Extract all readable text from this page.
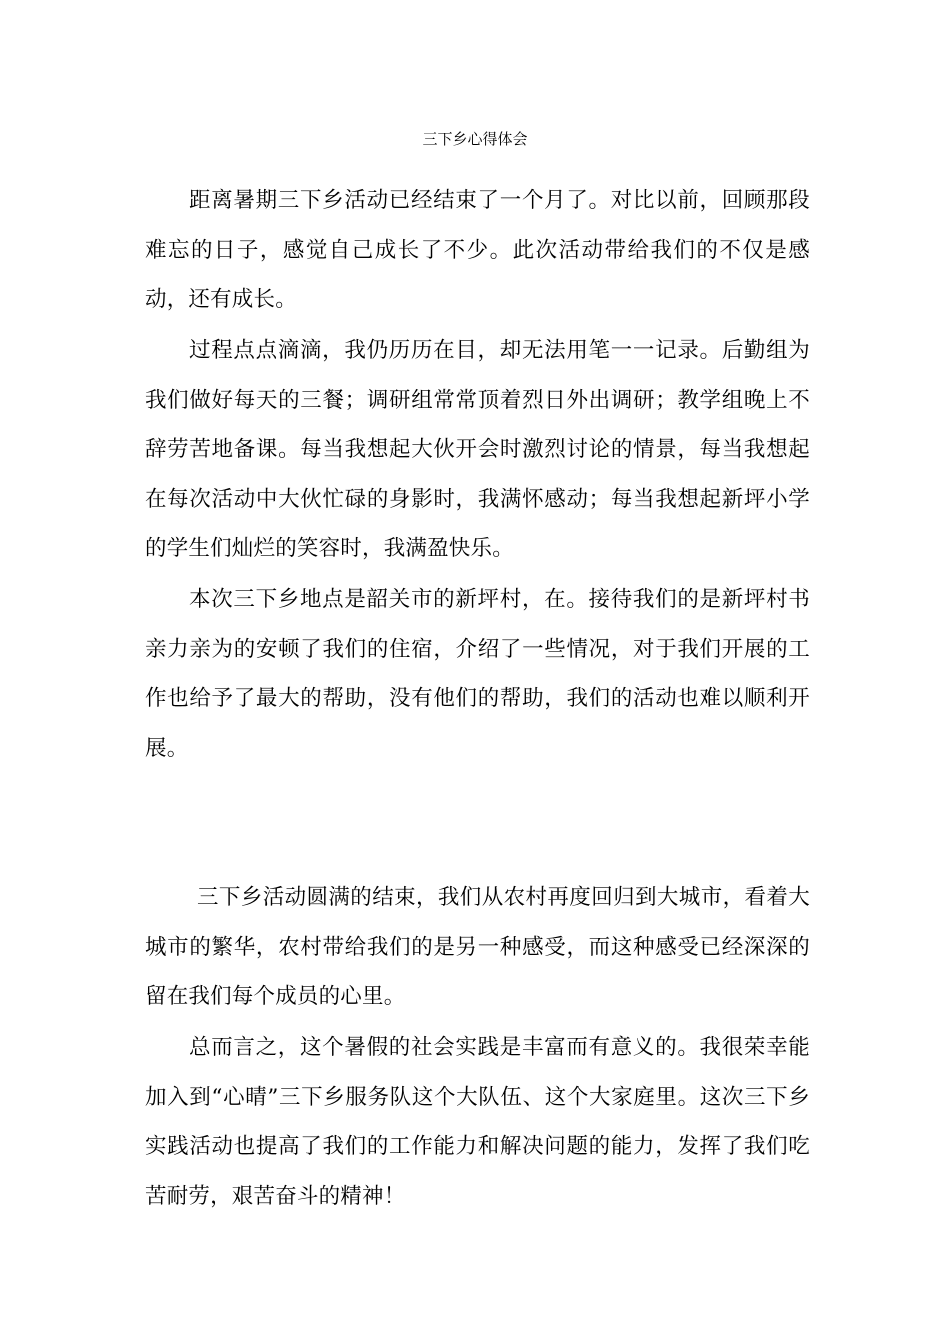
三下乡心得体会

距离暑期三下乡活动已经结束了一个月了。对比以前，回顾那段难忘的日子，感觉自己成长了不少。此次活动带给我们的不仅是感动，还有成长。

过程点点滴滴，我仍历历在目，却无法用笔一一记录。后勤组为我们做好每天的三餐；调研组常常顶着烈日外出调研；教学组晚上不辞劳苦地备课。每当我想起大伙开会时激烈讨论的情景，每当我想起在每次活动中大伙忙碌的身影时，我满怀感动；每当我想起新坪小学的学生们灿烂的笑容时，我满盈快乐。

本次三下乡地点是韶关市的新坪村，在。接待我们的是新坪村书亲力亲为的安顿了我们的住宿，介绍了一些情况，对于我们开展的工作也给予了最大的帮助，没有他们的帮助，我们的活动也难以顺利开展。

三下乡活动圆满的结束，我们从农村再度回归到大城市，看着大城市的繁华，农村带给我们的是另一种感受，而这种感受已经深深的留在我们每个成员的心里。

总而言之，这个暑假的社会实践是丰富而有意义的。我很荣幸能加入到“心晴”三下乡服务队这个大队伍、这个大家庭里。这次三下乡实践活动也提高了我们的工作能力和解决问题的能力，发挥了我们吃苦耐劳，艰苦奋斗的精神！
